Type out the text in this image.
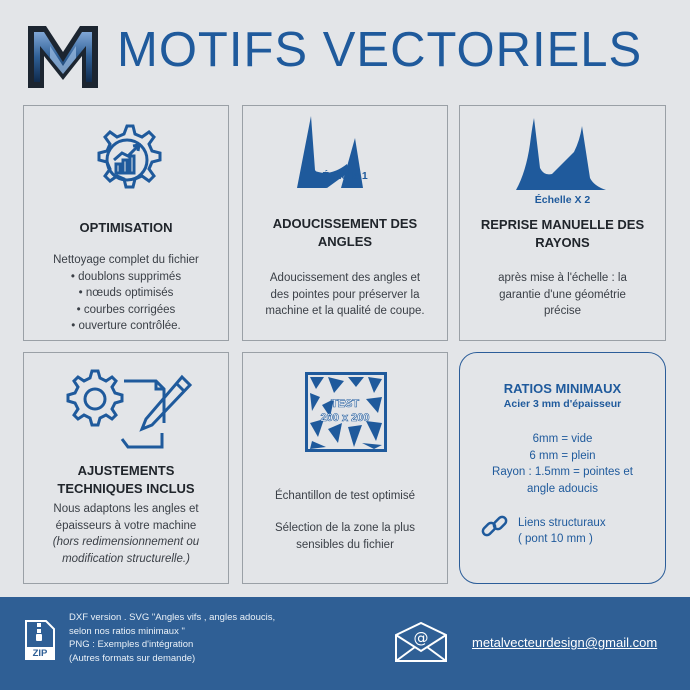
MOTIFS VECTORIELS
OPTIMISATION

Nettoyage complet du fichier

• doublons supprimés

• nœuds optimisés

• courbes corrigées

• ouverture contrôlée.

Échelle 1
ADOUCISSEMENT DES
ANGLES

Adoucissement des angles et

des pointes pour préserver la

machine et la qualité de coupe.

Échelle X 2
REPRISE MANUELLE DES
RAYONS

après mise à l'échelle : la

garantie d'une géométrie

précise

AJUSTEMENTS
TECHNIQUES INCLUS

Nous adaptons les angles et

épaisseurs à votre machine

(hors redimensionnement ou

modification structurelle.)

TEST
200 x 200

Échantillon de test optimisé

Sélection de la zone la plus

sensibles du fichier

RATIOS MINIMAUX
Acier 3 mm d'épaisseur

6mm = vide

6 mm = plein

Rayon : 1.5mm = pointes et

angle adoucis

Liens structuraux
( pont 10 mm )
ZIP
DXF version . SVG "Angles vifs , angles adoucis,
selon nos ratios minimaux "
PNG : Exemples d'intégration
(Autres formats sur demande)
@	metalvecteurdesign@gmail.com
